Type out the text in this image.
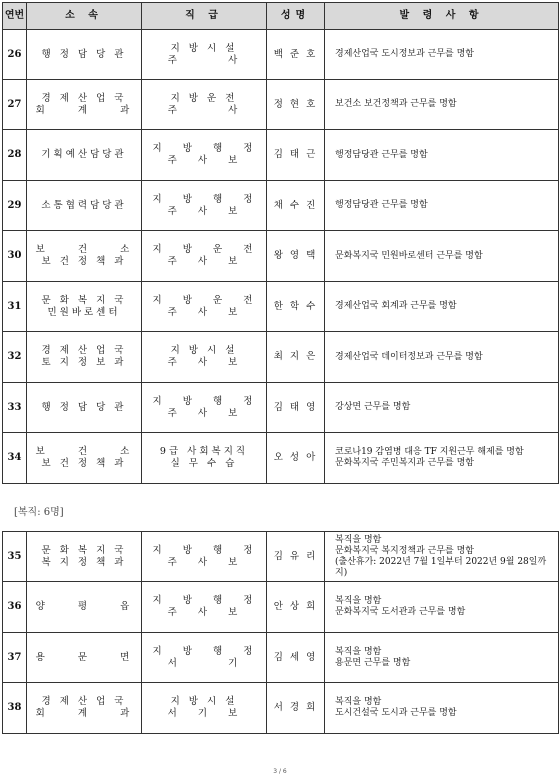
연번	소 속	직 급	성명	발 령 사 항
26	행 정 담 당 관	지 방 시 설
주        사	백 준 호	경제산업국 도시정보과 근무를 명함

27	경 제 산 업 국
회     계     과	지 방 운 전
주        사	정 현 호	보건소 보건정책과 근무를 명함

28	기획예산담당관	지   방   행   정
주   사   보	김 태 근	행정담당관 근무를 명함

29	소통협력담당관	지   방   행   정
주   사   보	채 수 진	행정담당관 근무를 명함

30	보     건     소
보 건 정 책 과	지   방   운   전
주   사   보	왕 영 택	문화복지국 민원바로센터 근무를 명함

31	문 화 복 지 국
민원바로센터	지   방   운   전
주   사   보	한 학 수	경제산업국 회계과 근무를 명함

32	경 제 산 업 국
토 지 정 보 과	지 방 시 설
주   사   보	최 지 은	경제산업국 데이터정보과 근무를 명함

33	행 정 담 당 관	지   방   행   정
주   사   보	김 태 영	강상면 근무를 명함

34	보     건     소
보 건 정 책 과	9급 사회복지직
실 무 수 습	오 성 아	코로나19 감염병 대응 TF 지원근무 해제를 명함
문화복지국 주민복지과 근무를 명함
[복직: 6명]
35	문 화 복 지 국
복 지 정 책 과	지   방   행   정
주   사   보	김 유 리	복직을 명함
문화복지국 복지정책과 근무를 명함
(출산휴가: 2022년 7월 1일부터 2022년 9월 28일까
지)

36	양     평     읍	지   방   행   정
주   사   보	안 상 희	복직을 명함
문화복지국 도서관과 근무를 명함

37	용     문     면	지   방   행   정
서        기	김 세 영	복직을 명함
용문면 근무를 명함

38	경 제 산 업 국
회     계     과	지 방 시 설
서   기   보	서 경 희	복직을 명함
도시건설국 도시과 근무를 명함
3 / 6
